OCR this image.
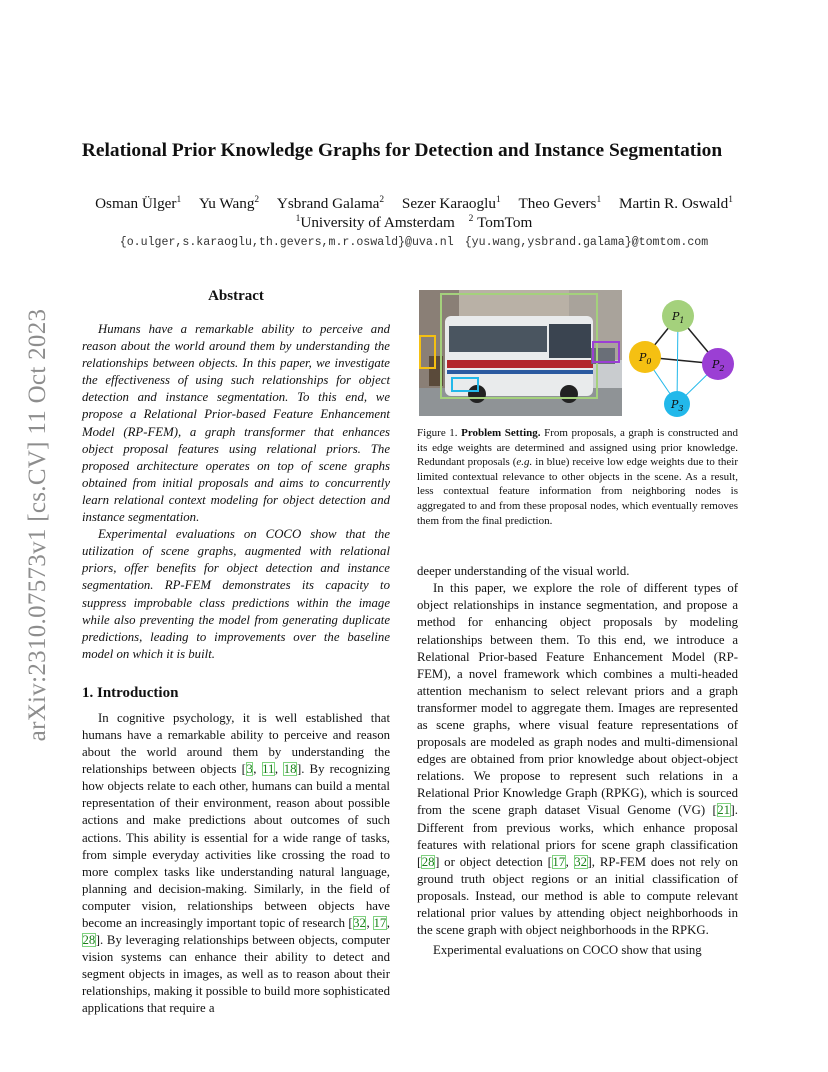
arXiv:2310.07573v1 [cs.CV] 11 Oct 2023
Relational Prior Knowledge Graphs for Detection and Instance Segmentation
Osman Ülger$^1$ Yu Wang$^2$ Ysbrand Galama$^2$ Sezer Karaoglu$^1$ Theo Gevers$^1$ Martin R. Oswald$^1$
$^1$University of Amsterdam $^2$ TomTom
{o.ulger,s.karaoglu,th.gevers,m.r.oswald}@uva.nl {yu.wang,ysbrand.galama}@tomtom.com
Abstract

Humans have a remarkable ability to perceive and reason about the world around them by understanding the relationships between objects. In this paper, we investigate the effectiveness of using such relationships for object detection and instance segmentation. To this end, we propose a Relational Prior-based Feature Enhancement Model (RP-FEM), a graph transformer that enhances object proposal features using relational priors. The proposed architecture operates on top of scene graphs obtained from initial proposals and aims to concurrently learn relational context modeling for object detection and instance segmentation.

Experimental evaluations on COCO show that the utilization of scene graphs, augmented with relational priors, offer benefits for object detection and instance segmentation. RP-FEM demonstrates its capacity to suppress improbable class predictions within the image while also preventing the model from generating duplicate predictions, leading to improvements over the baseline model on which it is built.

1. Introduction

In cognitive psychology, it is well established that humans have a remarkable ability to perceive and reason about the world around them by understanding the relationships between objects [3, 11, 18]. By recognizing how objects relate to each other, humans can build a mental representation of their environment, reason about possible actions and make predictions about outcomes of such actions. This ability is essential for a wide range of tasks, from simple everyday activities like crossing the road to more complex tasks like understanding natural language, planning and decision-making. Similarly, in the field of computer vision, relationships between objects have become an increasingly important topic of research [32, 17, 28]. By leveraging relationships between objects, computer vision systems can enhance their ability to detect and segment objects in images, as well as to reason about their relationships, making it possible to build more sophisticated applications that require a

$P_1$
$P_0$	$P_2$
$P_3$

Figure 1. Problem Setting. From proposals, a graph is constructed and its edge weights are determined and assigned using prior knowledge. Redundant proposals (e.g. in blue) receive low edge weights due to their limited contextual relevance to other objects in the scene. As a result, less contextual feature information from neighboring nodes is aggregated to and from these proposal nodes, which eventually removes them from the final prediction.

deeper understanding of the visual world.

In this paper, we explore the role of different types of object relationships in instance segmentation, and propose a method for enhancing object proposals by modeling relationships between them. To this end, we introduce a Relational Prior-based Feature Enhancement Model (RP-FEM), a novel framework which combines a multi-headed attention mechanism to select relevant priors and a graph transformer model to aggregate them. Images are represented as scene graphs, where visual feature representations of proposals are modeled as graph nodes and multi-dimensional edges are obtained from prior knowledge about object-object relations. We propose to represent such relations in a Relational Prior Knowledge Graph (RPKG), which is sourced from the scene graph dataset Visual Genome (VG) [21]. Different from previous works, which enhance proposal features with relational priors for scene graph classification [28] or object detection [17, 32], RP-FEM does not rely on ground truth object regions or an initial classification of proposals. Instead, our method is able to compute relevant relational prior values by attending object neighborhoods in the scene graph with object neighborhoods in the RPKG.

Experimental evaluations on COCO show that using
